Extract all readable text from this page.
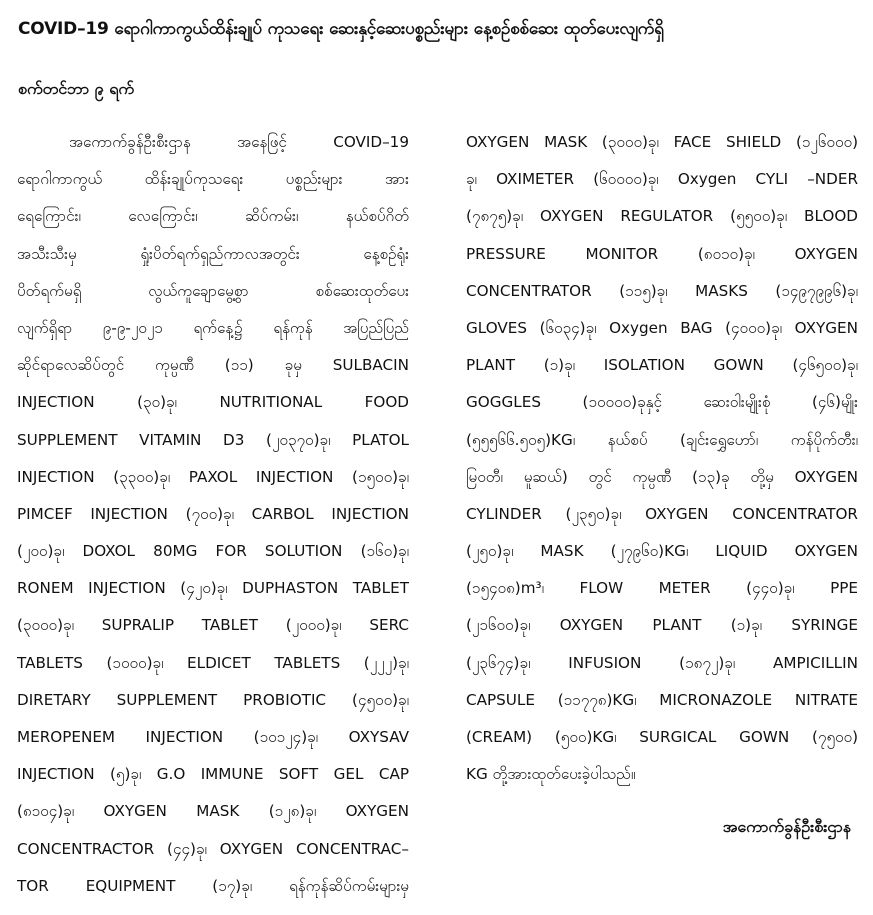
COVID–19 ရောဂါကာကွယ်ထိန်းချုပ် ကုသရေး ဆေးနှင့်ဆေးပစ္စည်းများ နေ့စဉ်စစ်ဆေး ထုတ်ပေးလျက်ရှိ
စက်တင်ဘာ ၉ ရက်
အကောက်ခွန်ဦးစီးဌာန အနေဖြင့် COVID–19
ရောဂါကာကွယ် ထိန်းချုပ်ကုသရေး ပစ္စည်းများ အား
ရေကြောင်း၊ လေကြောင်း၊ ဆိပ်ကမ်း၊ နယ်စပ်ဂိတ်
အသီးသီးမှ ရှုံးပိတ်ရက်ရှည်ကာလအတွင်း နေ့စဉ်ရုံး
ပိတ်ရက်မရှိ လွယ်ကူချောမွေ့စွာ စစ်ဆေးထုတ်ပေး
လျက်ရှိရာ ၉-၉-၂၀၂၁ ရက်နေ့၌ ရန်ကုန် အပြည်ပြည်
ဆိုင်ရာလေဆိပ်တွင် ကုမ္ပဏီ (၁၁) ခုမှ SULBACIN
INJECTION (၃၀)ခု၊ NUTRITIONAL FOOD
SUPPLEMENT VITAMIN D3 (၂၀၃၇၀)ခု၊ PLATOL
INJECTION (၃၃၀၀)ခု၊ PAXOL INJECTION (၁၅၀၀)ခု၊
PIMCEF INJECTION (၇၀၀)ခု၊ CARBOL INJECTION
(၂၀၀)ခု၊ DOXOL 80MG FOR SOLUTION (၁၆၀)ခု၊
RONEM INJECTION (၄၂၀)ခု၊ DUPHASTON TABLET
(၃၀၀၀)ခု၊ SUPRALIP TABLET (၂၀၀၀)ခု၊ SERC
TABLETS (၁၀၀၀)ခု၊ ELDICET TABLETS (၂၂၂)ခု၊
DIRETARY SUPPLEMENT PROBIOTIC (၄၅၀၀)ခု၊
MEROPENEM INJECTION (၁၀၁၂၄)ခု၊ OXYSAV
INJECTION (၅)ခု၊ G.O IMMUNE SOFT GEL CAP
(၈၁၀၄)ခု၊ OXYGEN MASK (၁၂၈)ခု၊ OXYGEN
CONCENTRACTOR (၄၄)ခု၊ OXYGEN CONCENTRAC–
TOR EQUIPMENT (၁၇)ခု၊ ရန်ကုန်ဆိပ်ကမ်းများမှ
OXYGEN MASK (၃၀၀၀)ခု၊ FACE SHIELD (၁၂၆၀၀၀)
ခု၊ OXIMETER (၆၀၀၀၀)ခု၊ Oxygen CYLI –NDER
(၇၈၇၅)ခု၊ OXYGEN REGULATOR (၅၅၀၀)ခု၊ BLOOD
PRESSURE MONITOR (၈၀၁၀)ခု၊ OXYGEN
CONCENTRATOR (၁၁၅)ခု၊ MASKS (၁၄၉၇၉၉၆)ခု၊
GLOVES (၆၀၃၄)ခု၊ Oxygen BAG (၄၀၀၀)ခု၊ OXYGEN
PLANT (၁)ခု၊ ISOLATION GOWN (၄၆၅၀၀)ခု၊
GOGGLES (၁၀၀၀၀)ခုနှင့် ဆေးဝါးမျိုးစုံ (၄၆)မျိုး
(၅၅၅၆၆.၅၀၅)KG၊ နယ်စပ် (ချင်းရွှေဟော်၊ ကန်ပိုက်တီး၊
မြဝတီ၊ မူဆယ်) တွင် ကုမ္ပဏီ (၁၃)ခု တို့မှ OXYGEN
CYLINDER (၂၃၅၀)ခု၊ OXYGEN CONCENTRATOR
(၂၅၀)ခု၊ MASK (၂၇၉၆၀)KG၊ LIQUID OXYGEN
(၁၅၄၀၈)m³၊ FLOW METER (၄၄၀)ခု၊ PPE
(၂၁၆၀၀)ခု၊ OXYGEN PLANT (၁)ခု၊ SYRINGE
(၂၃၆၇၄)ခု၊ INFUSION (၁၈၇၂)ခု၊ AMPICILLIN
CAPSULE (၁၁၇၇၈)KG၊ MICRONAZOLE NITRATE
(CREAM) (၅၀၀)KG၊ SURGICAL GOWN (၇၅၀၀)
KG တို့အားထုတ်ပေးခဲ့ပါသည်။
အကောက်ခွန်ဦးစီးဌာန
